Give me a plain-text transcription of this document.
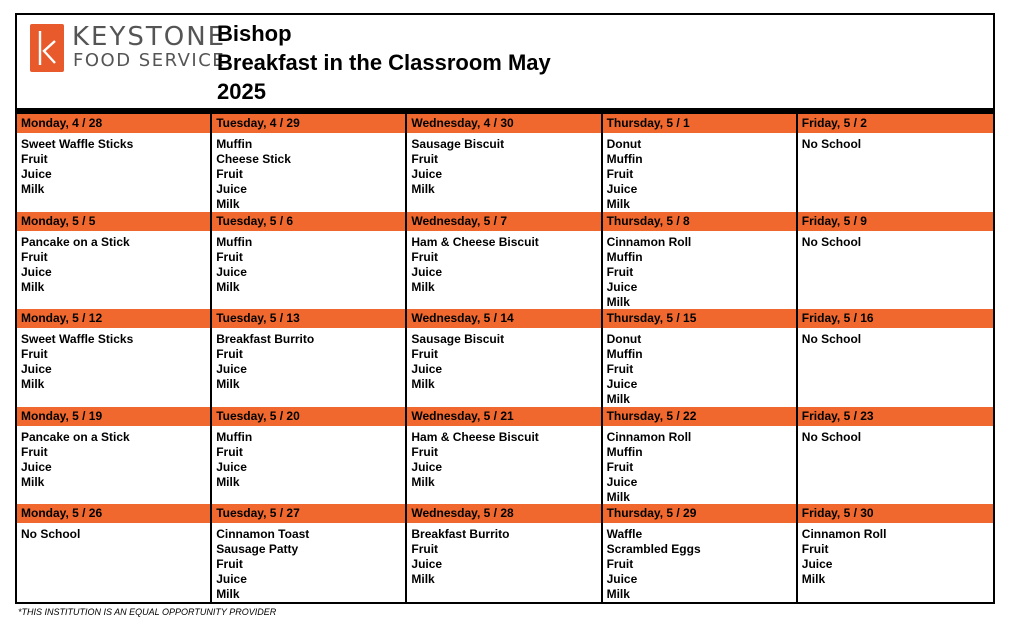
KEYSTONE
FOOD SERVICE
Bishop
Breakfast in the Classroom May
2025
Monday, 4 / 28
Sweet Waffle Sticks
Fruit
Juice
Milk
Tuesday, 4 / 29
Muffin
Cheese Stick
Fruit
Juice
Milk
Wednesday, 4 / 30
Sausage Biscuit
Fruit
Juice
Milk
Thursday, 5 / 1
Donut
Muffin
Fruit
Juice
Milk
Friday, 5 / 2
No School
Monday, 5 / 5
Pancake on a Stick
Fruit
Juice
Milk
Tuesday, 5 / 6
Muffin
Fruit
Juice
Milk
Wednesday, 5 / 7
Ham & Cheese Biscuit
Fruit
Juice
Milk
Thursday, 5 / 8
Cinnamon Roll
Muffin
Fruit
Juice
Milk
Friday, 5 / 9
No School
Monday, 5 / 12
Sweet Waffle Sticks
Fruit
Juice
Milk
Tuesday, 5 / 13
Breakfast Burrito
Fruit
Juice
Milk
Wednesday, 5 / 14
Sausage Biscuit
Fruit
Juice
Milk
Thursday, 5 / 15
Donut
Muffin
Fruit
Juice
Milk
Friday, 5 / 16
No School
Monday, 5 / 19
Pancake on a Stick
Fruit
Juice
Milk
Tuesday, 5 / 20
Muffin
Fruit
Juice
Milk
Wednesday, 5 / 21
Ham & Cheese Biscuit
Fruit
Juice
Milk
Thursday, 5 / 22
Cinnamon Roll
Muffin
Fruit
Juice
Milk
Friday, 5 / 23
No School
Monday, 5 / 26
No School
Tuesday, 5 / 27
Cinnamon Toast
Sausage Patty
Fruit
Juice
Milk
Wednesday, 5 / 28
Breakfast Burrito
Fruit
Juice
Milk
Thursday, 5 / 29
Waffle
Scrambled Eggs
Fruit
Juice
Milk
Friday, 5 / 30
Cinnamon Roll
Fruit
Juice
Milk
*THIS INSTITUTION IS AN EQUAL OPPORTUNITY PROVIDER
